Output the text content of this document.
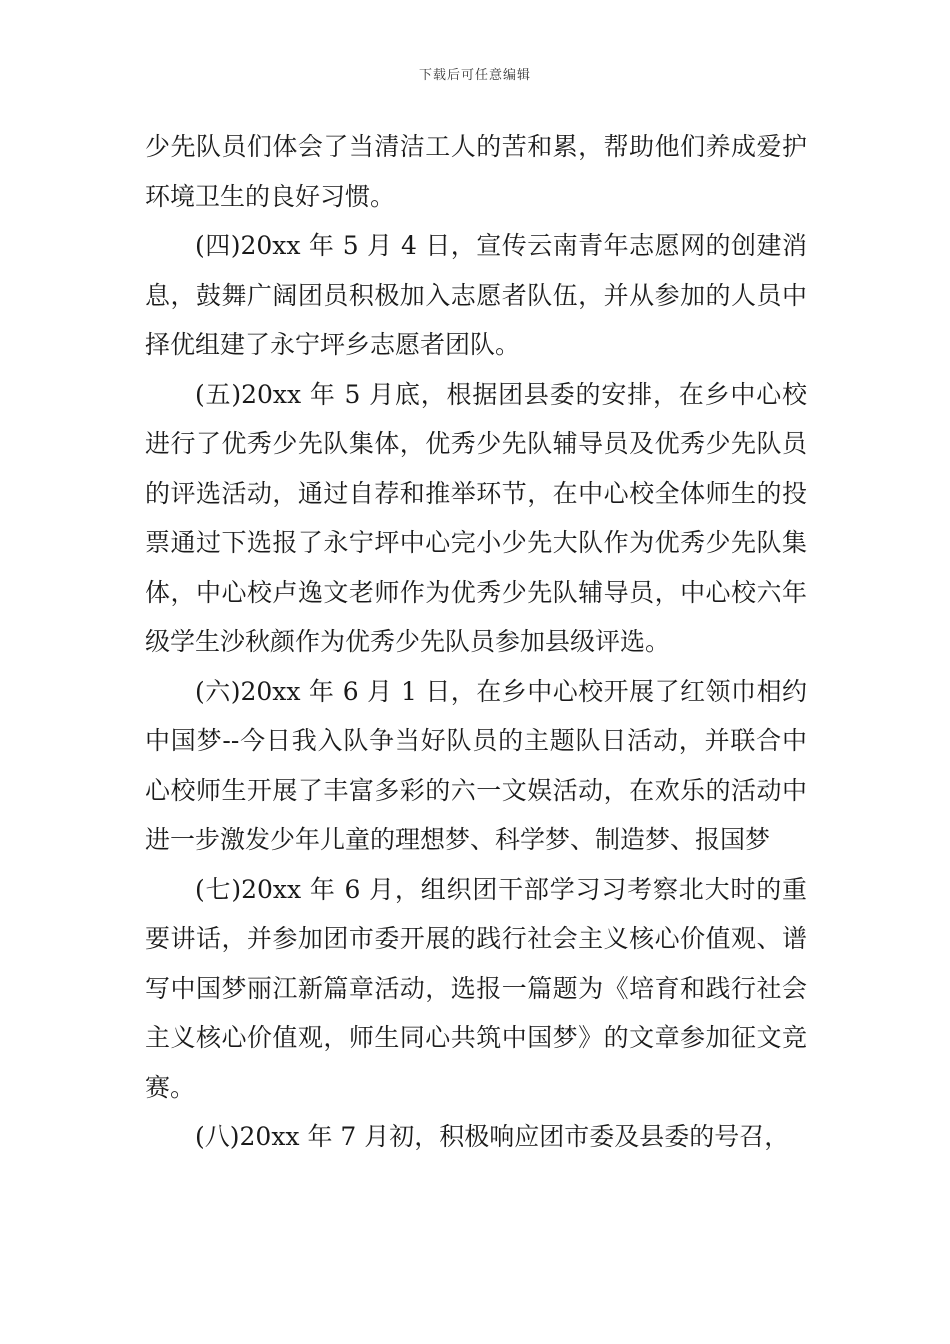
下载后可任意编辑

少先队员们体会了当清洁工人的苦和累，帮助他们养成爱护环境卫生的良好习惯。

(四)20xx 年 5 月 4 日，宣传云南青年志愿网的创建消息，鼓舞广阔团员积极加入志愿者队伍，并从参加的人员中择优组建了永宁坪乡志愿者团队。

(五)20xx 年 5 月底，根据团县委的安排，在乡中心校进行了优秀少先队集体，优秀少先队辅导员及优秀少先队员的评选活动，通过自荐和推举环节，在中心校全体师生的投票通过下选报了永宁坪中心完小少先大队作为优秀少先队集体，中心校卢逸文老师作为优秀少先队辅导员，中心校六年级学生沙秋颜作为优秀少先队员参加县级评选。

(六)20xx 年 6 月 1 日，在乡中心校开展了红领巾相约中国梦--今日我入队争当好队员的主题队日活动，并联合中心校师生开展了丰富多彩的六一文娱活动，在欢乐的活动中进一步激发少年儿童的理想梦、科学梦、制造梦、报国梦

(七)20xx 年 6 月，组织团干部学习习考察北大时的重要讲话，并参加团市委开展的践行社会主义核心价值观、谱写中国梦丽江新篇章活动，选报一篇题为《培育和践行社会主义核心价值观，师生同心共筑中国梦》的文章参加征文竞赛。

(八)20xx 年 7 月初，积极响应团市委及县委的号召，
